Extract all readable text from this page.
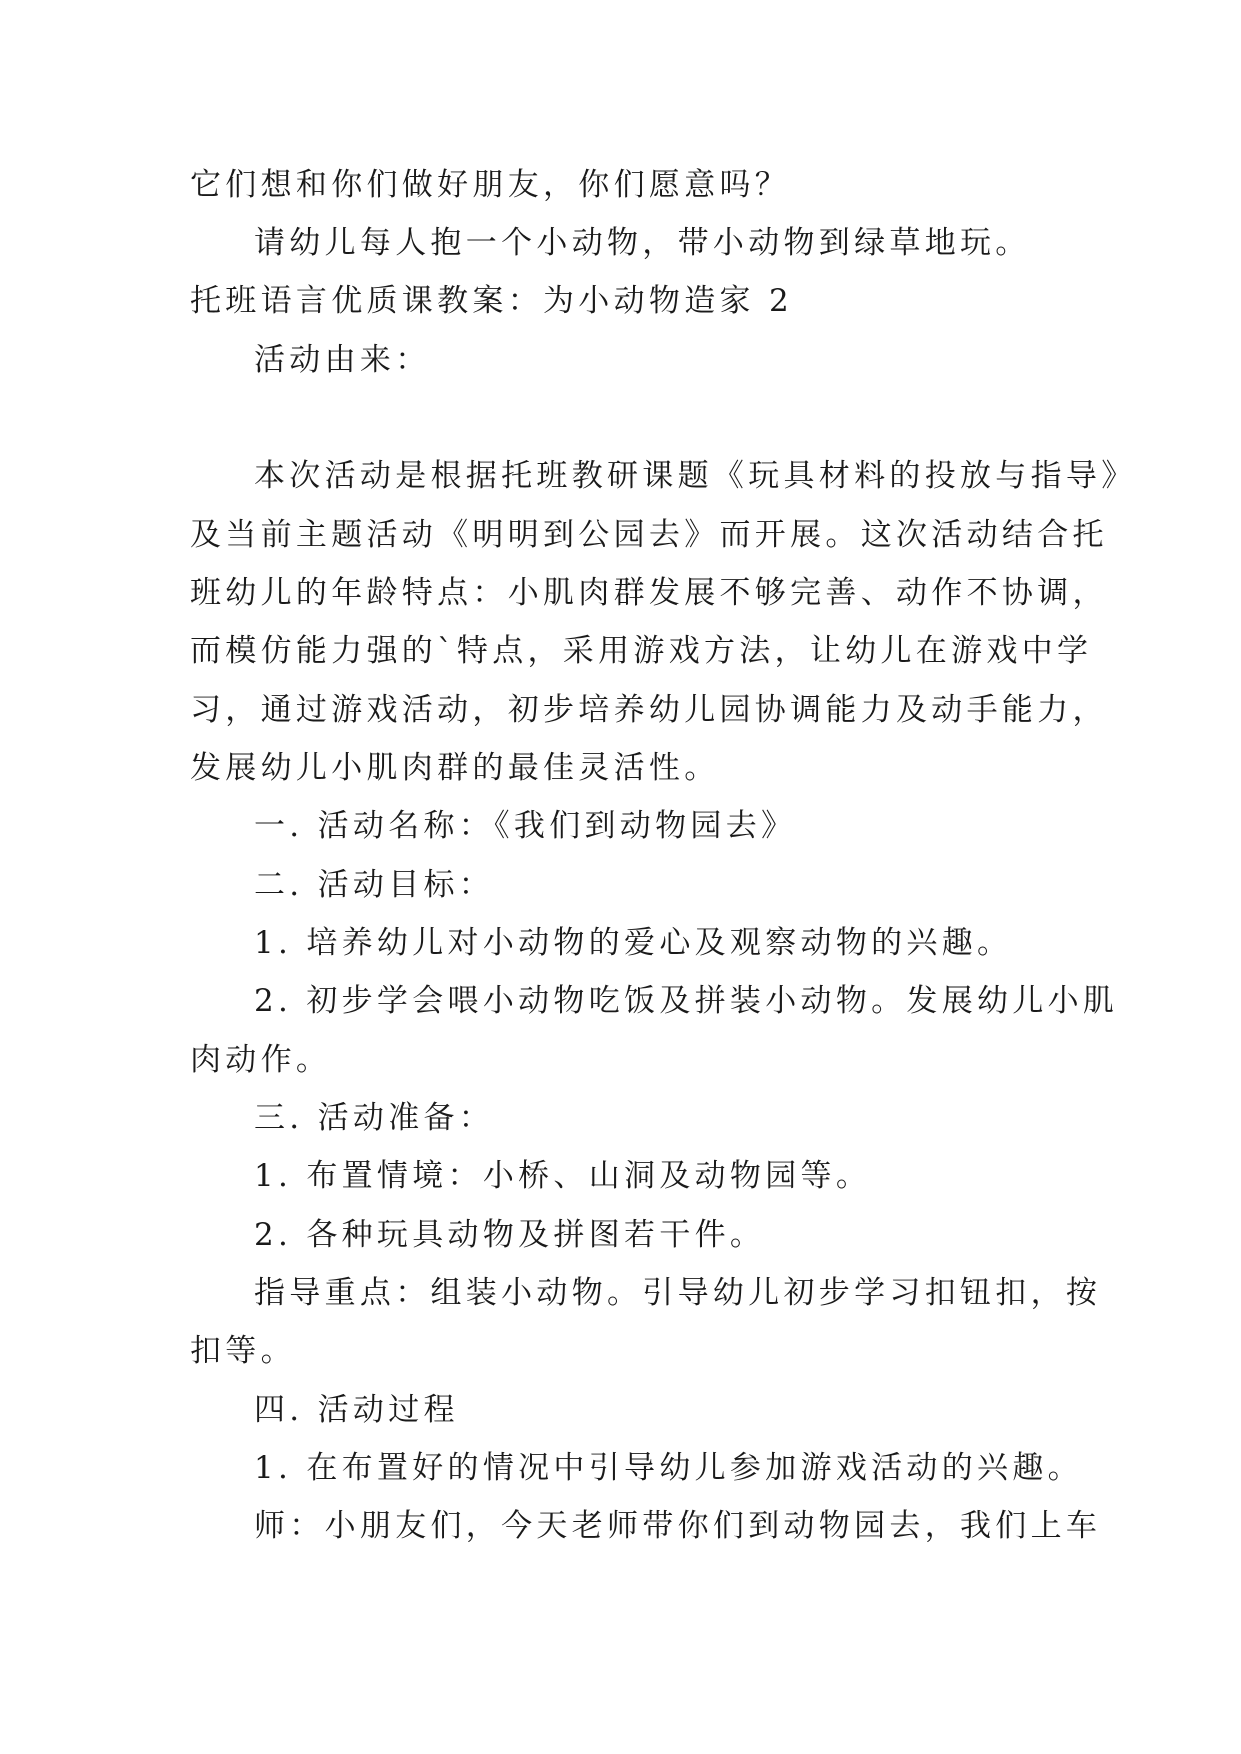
它们想和你们做好朋友，你们愿意吗？
请幼儿每人抱一个小动物，带小动物到绿草地玩。
托班语言优质课教案：为小动物造家 2
活动由来：
本次活动是根据托班教研课题《玩具材料的投放与指导》
及当前主题活动《明明到公园去》而开展。这次活动结合托
班幼儿的年龄特点：小肌肉群发展不够完善、动作不协调，
而模仿能力强的`特点，采用游戏方法，让幼儿在游戏中学
习，通过游戏活动，初步培养幼儿园协调能力及动手能力，
发展幼儿小肌肉群的最佳灵活性。
一. 活动名称：《我们到动物园去》
二. 活动目标：
1. 培养幼儿对小动物的爱心及观察动物的兴趣。
2. 初步学会喂小动物吃饭及拼装小动物。发展幼儿小肌
肉动作。
三. 活动准备：
1. 布置情境：小桥、山洞及动物园等。
2. 各种玩具动物及拼图若干件。
指导重点：组装小动物。引导幼儿初步学习扣钮扣，按
扣等。
四. 活动过程
1. 在布置好的情况中引导幼儿参加游戏活动的兴趣。
师：小朋友们，今天老师带你们到动物园去，我们上车
